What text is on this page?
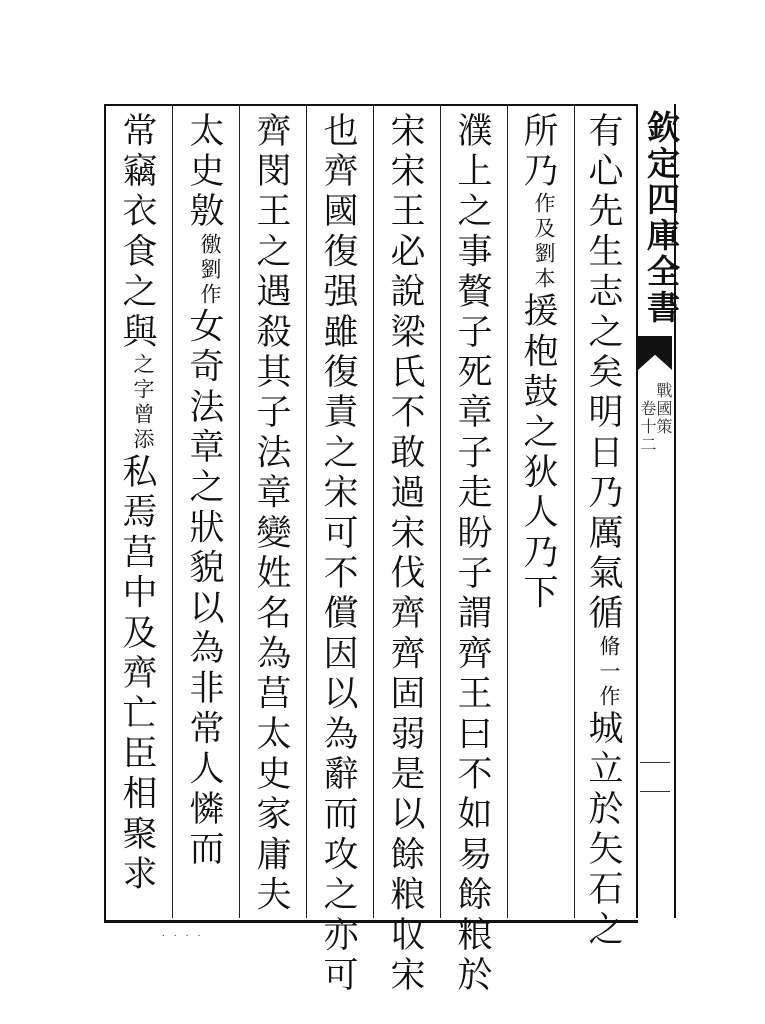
有心先生志之矣明日乃厲氣循
一作
脩
城立於矢石之
所乃
劉本
作及
援枹鼓之狄人乃下
濮上之事贅子死章子走盼子謂齊王曰不如易餘粮於
宋宋王必說梁氏不敢過宋伐齊齊固弱是以餘粮収宋
也齊國復强雖復責之宋可不償因以為辭而攻之亦可
齊閔王之遇殺其子法章變姓名為莒太史家庸夫
太史敫
劉作
徼
女奇法章之狀貌以為非常人憐而
常竊衣食之與
曾添
之字
私焉莒中及齊亡臣相聚求
欽定四庫全書
戰國策
卷十二
⸱ ⸱ ⸱ ⸱
